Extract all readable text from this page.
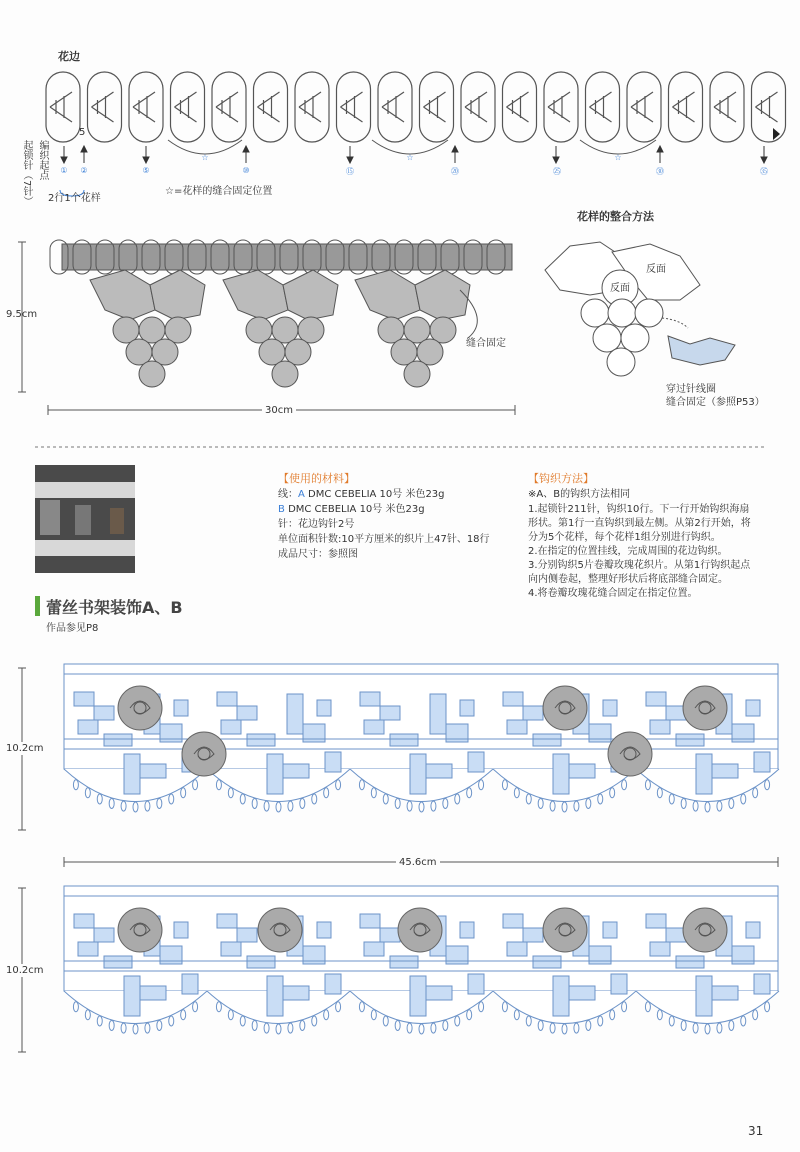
花边
5
编织起点
起锁针（7针）	①	②	⑤	⑩	⑮	⑳	㉕	㉚	㉟
☆	☆	☆
2行1个花样
☆=花样的缝合固定位置
9.5cm
30cm
缝合固定
花样的整合方法
反面
反面
穿过针线圈
缝合固定（参照P53）
【使用的材料】
线：A DMC CEBELIA 10号 米色23g
B DMC CEBELIA 10号 米色23g
针：花边钩针2号
单位面积针数:10平方厘米的织片上47针、18行
成品尺寸：参照图
【钩织方法】
※A、B的钩织方法相同
1.起锁针211针，钩织10行。下一行开始钩织海扇
形状。第1行一直钩织到最左侧。从第2行开始，将
分为5个花样，每个花样1组分别进行钩织。
2.在指定的位置挂线，完成周围的花边钩织。
3.分别钩织5片卷瓣玫瑰花织片。从第1行钩织起点
向内侧卷起，整理好形状后将底部缝合固定。
4.将卷瓣玫瑰花缝合固定在指定位置。
蕾丝书架装饰A、B
作品参见P8
10.2cm
45.6cm
10.2cm
31
